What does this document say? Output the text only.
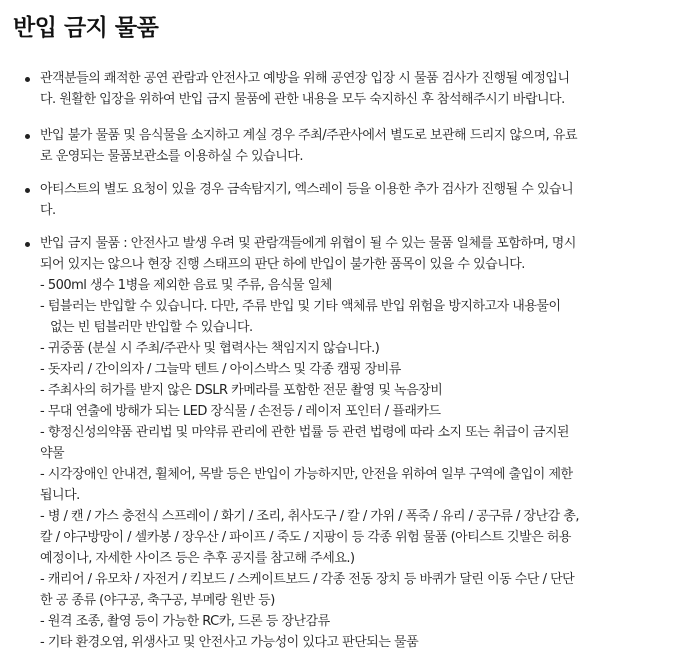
반입 금지 물품
관객분들의 쾌적한 공연 관람과 안전사고 예방을 위해 공연장 입장 시 물품 검사가 진행될 예정입니
다. 원활한 입장을 위하여 반입 금지 물품에 관한 내용을 모두 숙지하신 후 참석해주시기 바랍니다.
반입 불가 물품 및 음식물을 소지하고 계실 경우 주최/주관사에서 별도로 보관해 드리지 않으며, 유료
로 운영되는 물품보관소를 이용하실 수 있습니다.
아티스트의 별도 요청이 있을 경우 금속탐지기, 엑스레이 등을 이용한 추가 검사가 진행될 수 있습니
다.
반입 금지 물품 : 안전사고 발생 우려 및 관람객들에게 위협이 될 수 있는 물품 일체를 포함하며, 명시
되어 있지는 않으나 현장 진행 스태프의 판단 하에 반입이 불가한 품목이 있을 수 있습니다.
- 500ml 생수 1병을 제외한 음료 및 주류, 음식물 일체
- 텀블러는 반입할 수 있습니다. 다만, 주류 반입 및 기타 액체류 반입 위험을 방지하고자 내용물이
없는 빈 텀블러만 반입할 수 있습니다.
- 귀중품 (분실 시 주최/주관사 및 협력사는 책임지지 않습니다.)
- 돗자리 / 간이의자 / 그늘막 텐트 / 아이스박스 및 각종 캠핑 장비류
- 주최사의 허가를 받지 않은 DSLR 카메라를 포함한 전문 촬영 및 녹음장비
- 무대 연출에 방해가 되는 LED 장식물 / 손전등 / 레이저 포인터 / 플래카드
- 향정신성의약품 관리법 및 마약류 관리에 관한 법률 등 관련 법령에 따라 소지 또는 취급이 금지된
약물
- 시각장애인 안내견, 휠체어, 목발 등은 반입이 가능하지만, 안전을 위하여 일부 구역에 출입이 제한
됩니다.
- 병 / 캔 / 가스 충전식 스프레이 / 화기 / 조리, 취사도구 / 칼 / 가위 / 폭죽 / 유리 / 공구류 / 장난감 총,
칼 / 야구방망이 / 셀카봉 / 장우산 / 파이프 / 죽도 / 지팡이 등 각종 위험 물품 (아티스트 깃발은 허용
예정이나, 자세한 사이즈 등은 추후 공지를 참고해 주세요.)
- 캐리어 / 유모차 / 자전거 / 킥보드 / 스케이트보드 / 각종 전동 장치 등 바퀴가 달린 이동 수단 / 단단
한 공 종류 (야구공, 축구공, 부메랑 원반 등)
- 원격 조종, 촬영 등이 가능한 RC카, 드론 등 장난감류
- 기타 환경오염, 위생사고 및 안전사고 가능성이 있다고 판단되는 물품
